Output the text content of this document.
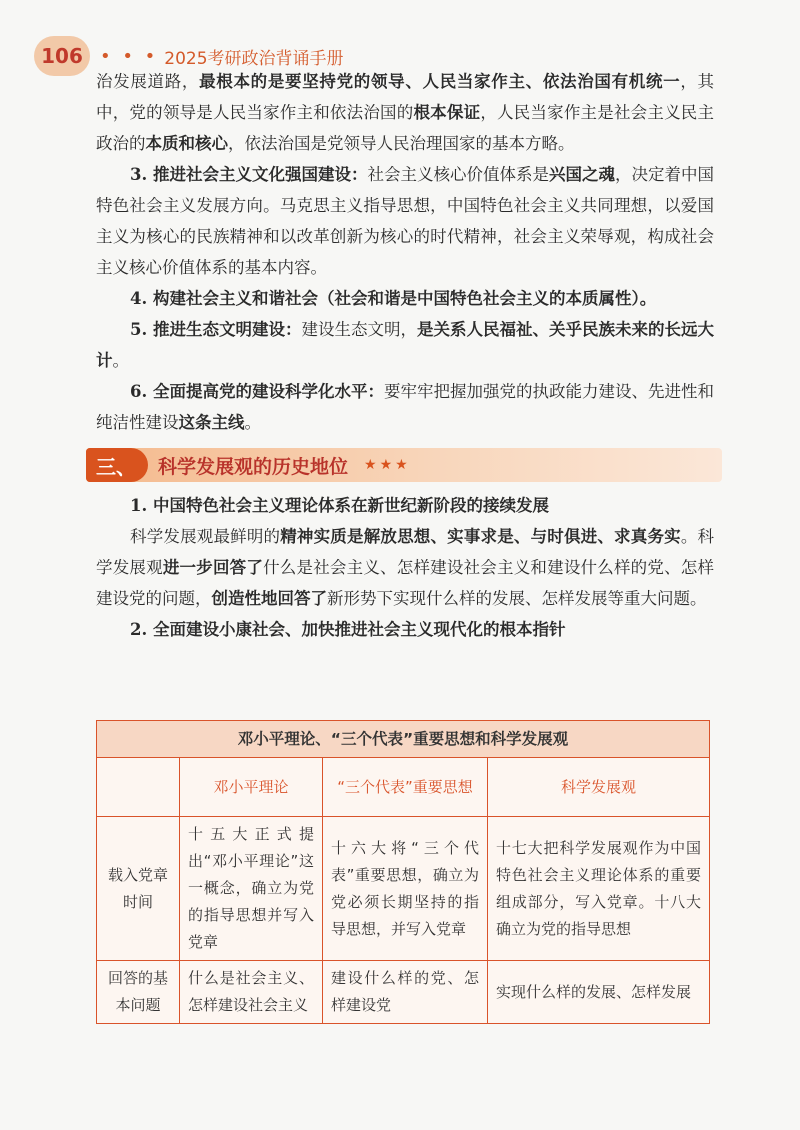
106 • • • 2025考研政治背诵手册

治发展道路，最根本的是要坚持党的领导、人民当家作主、依法治国有机统一，其中，党的领导是人民当家作主和依法治国的根本保证，人民当家作主是社会主义民主政治的本质和核心，依法治国是党领导人民治理国家的基本方略。

3. 推进社会主义文化强国建设：社会主义核心价值体系是兴国之魂，决定着中国特色社会主义发展方向。马克思主义指导思想，中国特色社会主义共同理想，以爱国主义为核心的民族精神和以改革创新为核心的时代精神，社会主义荣辱观，构成社会主义核心价值体系的基本内容。

4. 构建社会主义和谐社会（社会和谐是中国特色社会主义的本质属性）。

5. 推进生态文明建设：建设生态文明，是关系人民福祉、关乎民族未来的长远大计。

6. 全面提高党的建设科学化水平：要牢牢把握加强党的执政能力建设、先进性和纯洁性建设这条主线。

三、	科学发展观的历史地位 ★★★

1. 中国特色社会主义理论体系在新世纪新阶段的接续发展

科学发展观最鲜明的精神实质是解放思想、实事求是、与时俱进、求真务实。科学发展观进一步回答了什么是社会主义、怎样建设社会主义和建设什么样的党、怎样建设党的问题，创造性地回答了新形势下实现什么样的发展、怎样发展等重大问题。

2. 全面建设小康社会、加快推进社会主义现代化的根本指针

邓小平理论、“三个代表”重要思想和科学发展观			
	邓小平理论	“三个代表”重要思想	科学发展观
载入党章时间	十五大正式提出“邓小平理论”这一概念，确立为党的指导思想并写入党章	十六大将“三个代表”重要思想，确立为党必须长期坚持的指导思想，并写入党章	十七大把科学发展观作为中国特色社会主义理论体系的重要组成部分，写入党章。十八大确立为党的指导思想
回答的基本问题	什么是社会主义、怎样建设社会主义	建设什么样的党、怎样建设党	实现什么样的发展、怎样发展
